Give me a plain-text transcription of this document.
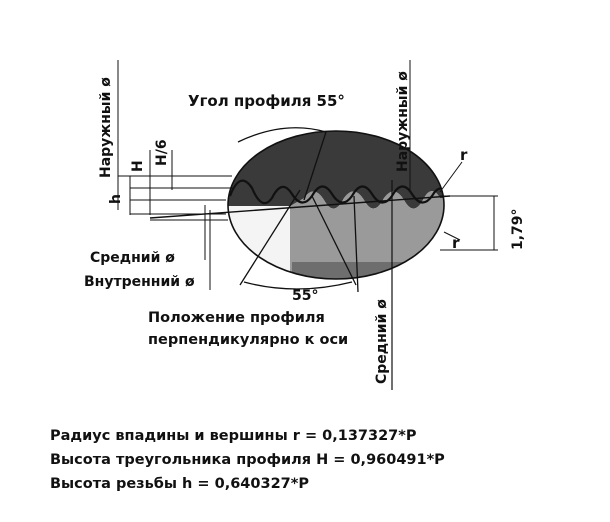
Угол профиля 55°
Наружный ø H
H/6
h
Наружный ø	r
r	1,79°
Средний ø
Внутренний ø
55°
Средний ø
Положение профиля
перпендикулярно к оси
Радиус впадины и вершины r = 0,137327*P
Высота треугольника профиля H = 0,960491*P
Высота резьбы h = 0,640327*P
